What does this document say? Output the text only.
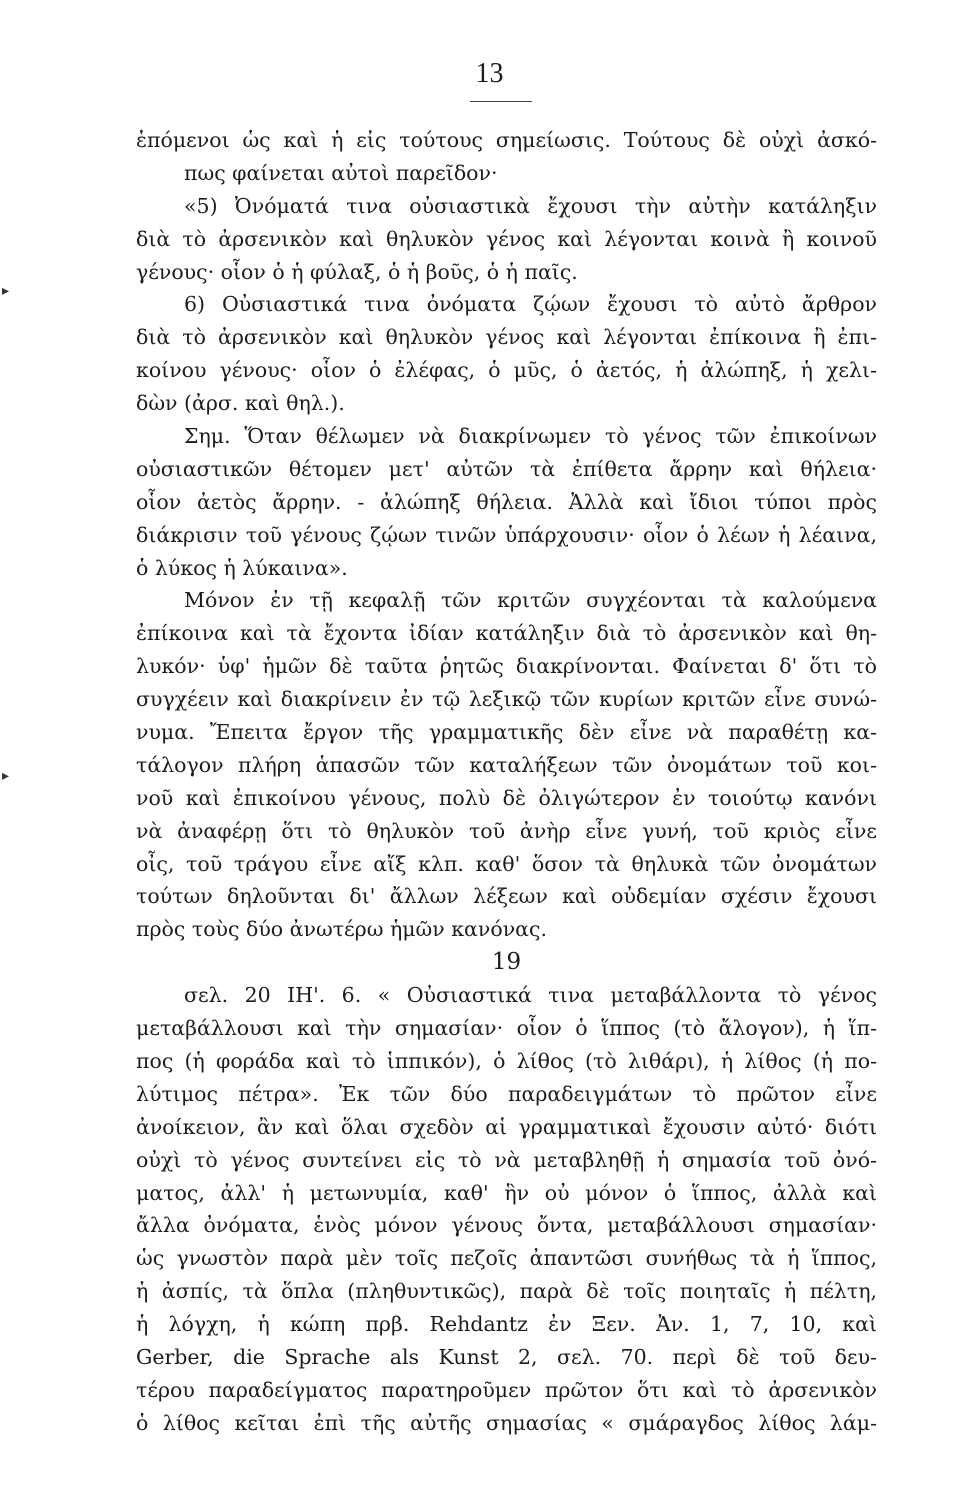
13
▸
▸
ἑπόμενοι ὡς καὶ ἡ εἰς τούτους σημείωσις. Τούτους δὲ οὐχὶ ἀσκό-
πως φαίνεται αὐτοὶ παρεῖδον·
«5) Ὀνόματά τινα οὐσιαστικὰ ἔχουσι τὴν αὐτὴν κατάληξιν
διὰ τὸ ἀρσενικὸν καὶ θηλυκὸν γένος καὶ λέγονται κοινὰ ἢ κοινοῦ
γένους· οἷον ὁ ἡ φύλαξ, ὁ ἡ βοῦς, ὁ ἡ παῖς.
6) Οὐσιαστικά τινα ὀνόματα ζῴων ἔχουσι τὸ αὐτὸ ἄρθρον
διὰ τὸ ἀρσενικὸν καὶ θηλυκὸν γένος καὶ λέγονται ἐπίκοινα ἢ ἐπι-
κοίνου γένους· οἷον ὁ ἐλέφας, ὁ μῦς, ὁ ἀετός, ἡ ἀλώπηξ, ἡ χελι-
δὼν (ἀρσ. καὶ θηλ.).
Σημ. Ὅταν θέλωμεν νὰ διακρίνωμεν τὸ γένος τῶν ἐπικοίνων
οὐσιαστικῶν θέτομεν μετ' αὐτῶν τὰ ἐπίθετα ἄρρην καὶ θήλεια·
οἷον ἀετὸς ἄρρην. - ἀλώπηξ θήλεια. Ἀλλὰ καὶ ἴδιοι τύποι πρὸς
διάκρισιν τοῦ γένους ζῴων τινῶν ὑπάρχουσιν· οἷον ὁ λέων ἡ λέαινα,
ὁ λύκος ἡ λύκαινα».
Μόνον ἐν τῇ κεφαλῇ τῶν κριτῶν συγχέονται τὰ καλούμενα
ἐπίκοινα καὶ τὰ ἔχοντα ἰδίαν κατάληξιν διὰ τὸ ἀρσενικὸν καὶ θη-
λυκόν· ὑφ' ἡμῶν δὲ ταῦτα ῥητῶς διακρίνονται. Φαίνεται δ' ὅτι τὸ
συγχέειν καὶ διακρίνειν ἐν τῷ λεξικῷ τῶν κυρίων κριτῶν εἶνε συνώ-
νυμα. Ἔπειτα ἔργον τῆς γραμματικῆς δὲν εἶνε νὰ παραθέτῃ κα-
τάλογον πλήρη ἁπασῶν τῶν καταλήξεων τῶν ὀνομάτων τοῦ κοι-
νοῦ καὶ ἐπικοίνου γένους, πολὺ δὲ ὀλιγώτερον ἐν τοιούτῳ κανόνι
νὰ ἀναφέρῃ ὅτι τὸ θηλυκὸν τοῦ ἀνὴρ εἶνε γυνή, τοῦ κριὸς εἶνε
οἶς, τοῦ τράγου εἶνε αἴξ κλπ. καθ' ὅσον τὰ θηλυκὰ τῶν ὀνομάτων
τούτων δηλοῦνται δι' ἄλλων λέξεων καὶ οὐδεμίαν σχέσιν ἔχουσι
πρὸς τοὺς δύο ἀνωτέρω ἡμῶν κανόνας.
19
σελ. 20 ΙΗ'. 6. « Οὐσιαστικά τινα μεταβάλλοντα τὸ γένος
μεταβάλλουσι καὶ τὴν σημασίαν· οἷον ὁ ἵππος (τὸ ἄλογον), ἡ ἵπ-
πος (ἡ φοράδα καὶ τὸ ἱππικόν), ὁ λίθος (τὸ λιθάρι), ἡ λίθος (ἡ πο-
λύτιμος πέτρα». Ἐκ τῶν δύο παραδειγμάτων τὸ πρῶτον εἶνε
ἀνοίκειον, ἂν καὶ ὅλαι σχεδὸν αἱ γραμματικαὶ ἔχουσιν αὐτό· διότι
οὐχὶ τὸ γένος συντείνει εἰς τὸ νὰ μεταβληθῇ ἡ σημασία τοῦ ὀνό-
ματος, ἀλλ' ἡ μετωνυμία, καθ' ἣν οὐ μόνον ὁ ἵππος, ἀλλὰ καὶ
ἄλλα ὀνόματα, ἑνὸς μόνον γένους ὄντα, μεταβάλλουσι σημασίαν·
ὡς γνωστὸν παρὰ μὲν τοῖς πεζοῖς ἀπαντῶσι συνήθως τὰ ἡ ἵππος,
ἡ ἀσπίς, τὰ ὅπλα (πληθυντικῶς), παρὰ δὲ τοῖς ποιηταῖς ἡ πέλτη,
ἡ λόγχη, ἡ κώπη πρβ. Rehdantz ἐν Ξεν. Ἀν. 1, 7, 10, καὶ
Gerber, die Sprache als Kunst 2, σελ. 70. περὶ δὲ τοῦ δευ-
τέρου παραδείγματος παρατηροῦμεν πρῶτον ὅτι καὶ τὸ ἀρσενικὸν
ὁ λίθος κεῖται ἐπὶ τῆς αὐτῆς σημασίας « σμάραγδος λίθος λάμ-
